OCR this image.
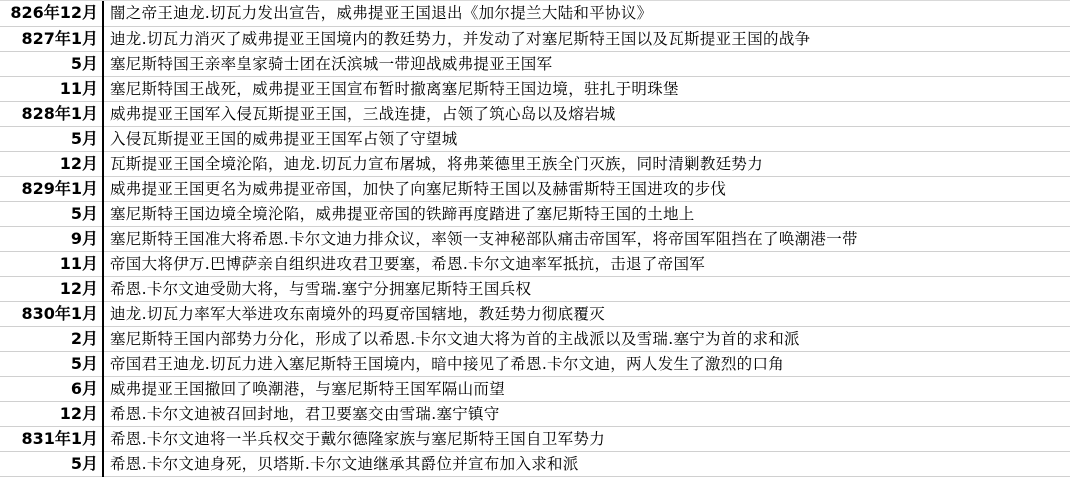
826年12月	闇之帝王迪龙.切瓦力发出宣告，威弗提亚王国退出《加尔提兰大陆和平协议》
827年1月	迪龙.切瓦力消灭了威弗提亚王国境内的教廷势力，并发动了对塞尼斯特王国以及瓦斯提亚王国的战争
5月	塞尼斯特国王亲率皇家骑士团在沃滨城一带迎战威弗提亚王国军
11月	塞尼斯特国王战死，威弗提亚王国宣布暂时撤离塞尼斯特王国边境，驻扎于明珠堡
828年1月	威弗提亚王国军入侵瓦斯提亚王国，三战连捷，占领了筑心岛以及熔岩城
5月	入侵瓦斯提亚王国的威弗提亚王国军占领了守望城
12月	瓦斯提亚王国全境沦陷，迪龙.切瓦力宣布屠城，将弗莱德里王族全门灭族，同时清剿教廷势力
829年1月	威弗提亚王国更名为威弗提亚帝国，加快了向塞尼斯特王国以及赫雷斯特王国进攻的步伐
5月	塞尼斯特王国边境全境沦陷，威弗提亚帝国的铁蹄再度踏进了塞尼斯特王国的土地上
9月	塞尼斯特王国准大将希恩.卡尔文迪力排众议，率领一支神秘部队痛击帝国军，将帝国军阻挡在了唤潮港一带
11月	帝国大将伊万.巴博萨亲自组织进攻君卫要塞，希恩.卡尔文迪率军抵抗，击退了帝国军
12月	希恩.卡尔文迪受勋大将，与雪瑞.塞宁分拥塞尼斯特王国兵权
830年1月	迪龙.切瓦力率军大举进攻东南境外的玛夏帝国辖地，教廷势力彻底覆灭
2月	塞尼斯特王国内部势力分化，形成了以希恩.卡尔文迪大将为首的主战派以及雪瑞.塞宁为首的求和派
5月	帝国君王迪龙.切瓦力进入塞尼斯特王国境内，暗中接见了希恩.卡尔文迪，两人发生了激烈的口角
6月	威弗提亚王国撤回了唤潮港，与塞尼斯特王国军隔山而望
12月	希恩.卡尔文迪被召回封地，君卫要塞交由雪瑞.塞宁镇守
831年1月	希恩.卡尔文迪将一半兵权交于戴尔德隆家族与塞尼斯特王国自卫军势力
5月	希恩.卡尔文迪身死，贝塔斯.卡尔文迪继承其爵位并宣布加入求和派
